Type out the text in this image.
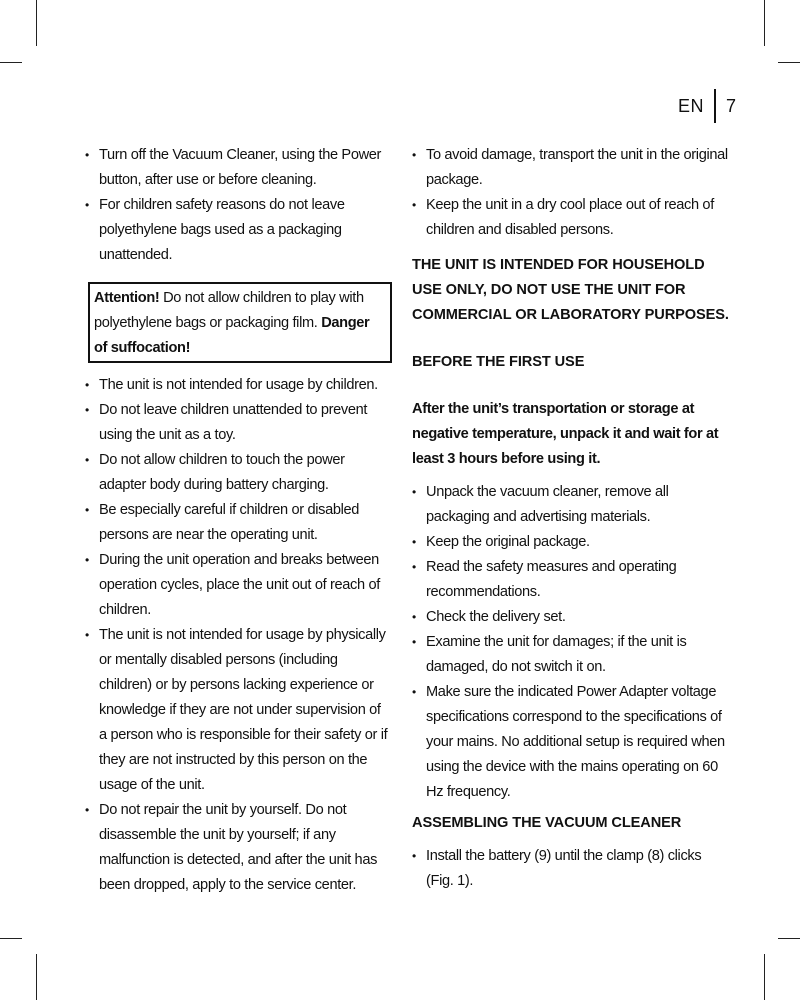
EN 7
• Turn off the Vacuum Cleaner, using the Power button, after use or before cleaning.
• For children safety reasons do not leave polyethylene bags used as a packaging unattended.
Attention! Do not allow children to play with polyethylene bags or packaging film. Danger of suffocation!
• The unit is not intended for usage by children.
• Do not leave children unattended to prevent using the unit as a toy.
• Do not allow children to touch the power adapter body during battery charging.
• Be especially careful if children or disabled persons are near the operating unit.
• During the unit operation and breaks between operation cycles, place the unit out of reach of children.
• The unit is not intended for usage by physically or mentally disabled persons (including children) or by persons lacking experience or knowledge if they are not under supervision of a person who is responsible for their safety or if they are not instructed by this person on the usage of the unit.
• Do not repair the unit by yourself. Do not disassemble the unit by yourself; if any malfunction is detected, and after the unit has been dropped, apply to the service center.
• To avoid damage, transport the unit in the original package.
• Keep the unit in a dry cool place out of reach of children and disabled persons.
THE UNIT IS INTENDED FOR HOUSEHOLD USE ONLY, DO NOT USE THE UNIT FOR COMMERCIAL OR LABORATORY PURPOSES.
BEFORE THE FIRST USE
After the unit’s transportation or storage at negative temperature, unpack it and wait for at least 3 hours before using it.
• Unpack the vacuum cleaner, remove all packaging and advertising materials.
• Keep the original package.
• Read the safety measures and operating recommendations.
• Check the delivery set.
• Examine the unit for damages; if the unit is damaged, do not switch it on.
• Make sure the indicated Power Adapter voltage specifications correspond to the specifications of your mains. No additional setup is required when using the device with the mains operating on 60 Hz frequency.
ASSEMBLING THE VACUUM CLEANER
• Install the battery (9) until the clamp (8) clicks (Fig. 1).
